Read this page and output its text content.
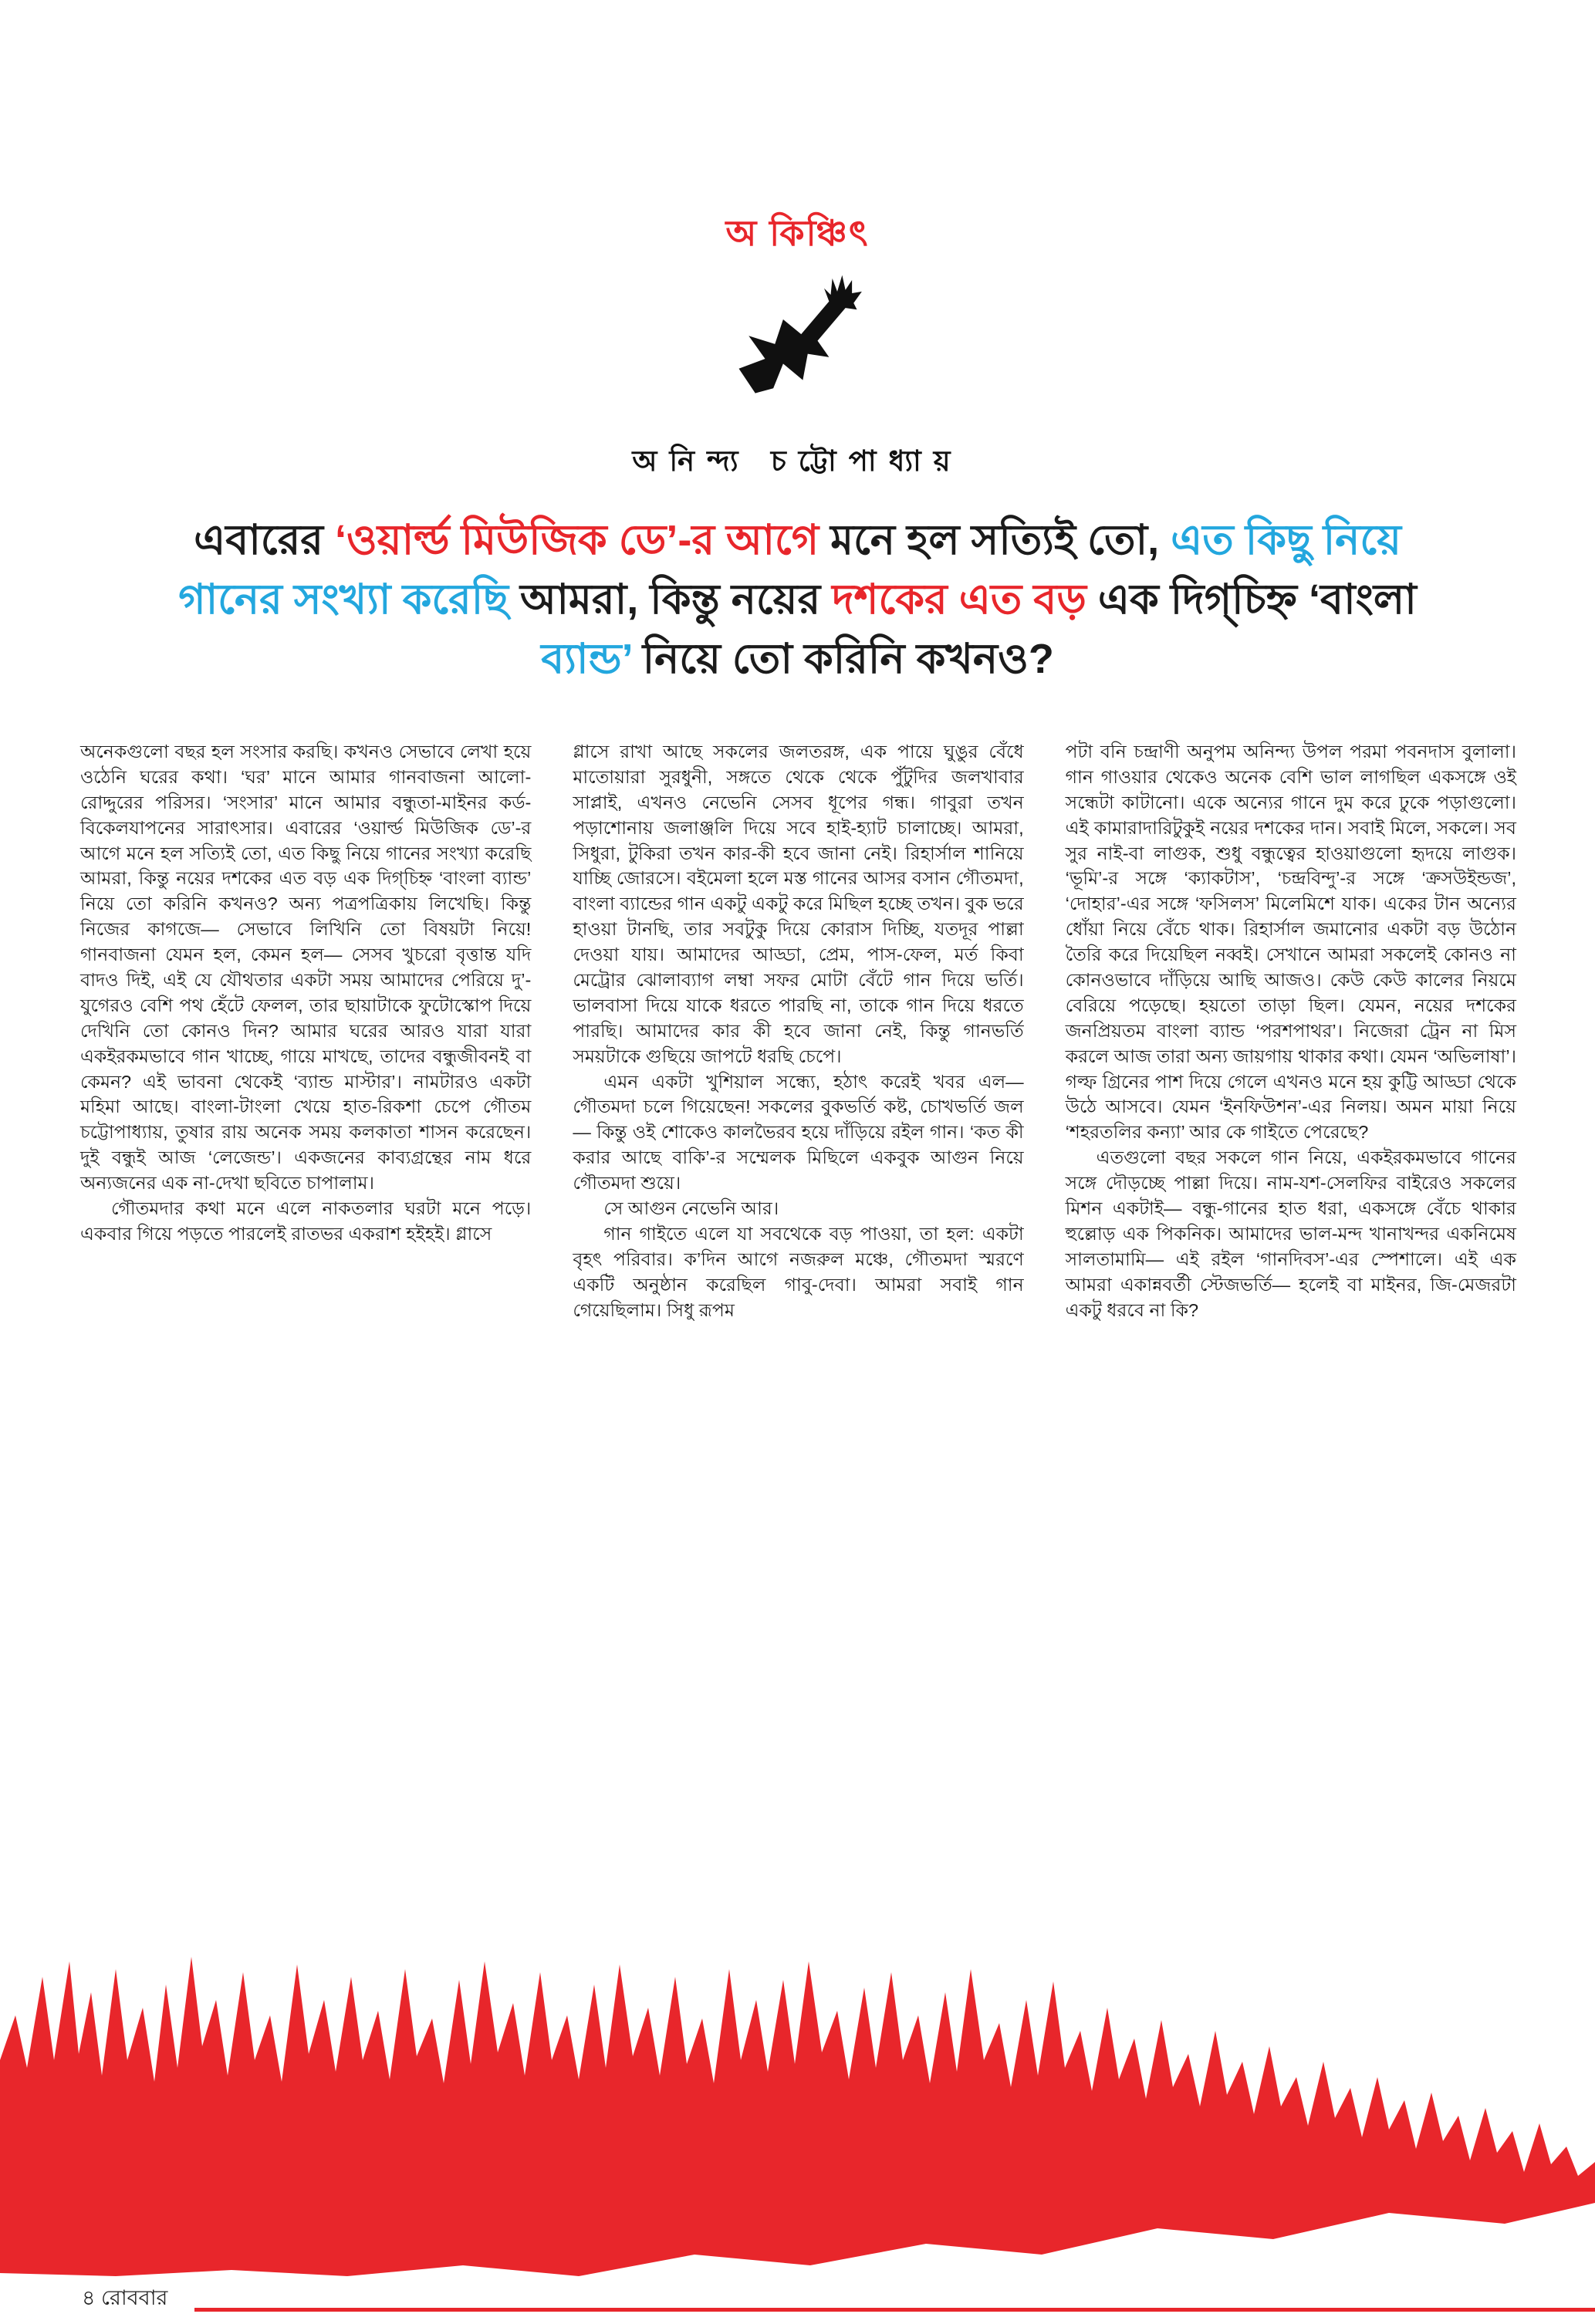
অ কিঞ্চিৎ
অনিন্দ্য চট্টোপাধ্যায়
এবারের ‘ওয়ার্ল্ড মিউজিক ডে’-র আগে মনে হল সত্যিই তো, এত কিছু নিয়ে
গানের সংখ্যা করেছি আমরা, কিন্তু নয়ের দশকের এত বড় এক দিগ্‌চিহ্ন ‘বাংলা
ব্যান্ড’ নিয়ে তো করিনি কখনও?

অনেকগুলো বছর হল সংসার করছি। কখনও সেভাবে লেখা হয়ে ওঠেনি ঘরের কথা। ‘ঘর’ মানে আমার গানবাজনা আলো-রোদ্দুরের পরিসর। ‘সংসার’ মানে আমার বন্ধুতা-মাইনর কর্ড-বিকেলযাপনের সারাৎসার। এবারের ‘ওয়ার্ল্ড মিউজিক ডে’-র আগে মনে হল সত্যিই তো, এত কিছু নিয়ে গানের সংখ্যা করেছি আমরা, কিন্তু নয়ের দশকের এত বড় এক দিগ্‌চিহ্ন ‘বাংলা ব্যান্ড’ নিয়ে তো করিনি কখনও? অন্য পত্রপত্রিকায় লিখেছি। কিন্তু নিজের কাগজে— সেভাবে লিখিনি তো বিষয়টা নিয়ে! গানবাজনা যেমন হল, কেমন হল— সেসব খুচরো বৃত্তান্ত যদি বাদও দিই, এই যে যৌথতার একটা সময় আমাদের পেরিয়ে দু’-যুগেরও বেশি পথ হেঁটে ফেলল, তার ছায়াটাকে ফুটোস্কোপ দিয়ে দেখিনি তো কোনও দিন? আমার ঘরের আরও যারা যারা একইরকমভাবে গান খাচ্ছে, গায়ে মাখছে, তাদের বন্ধুজীবনই বা কেমন? এই ভাবনা থেকেই ‘ব্যান্ড মাস্টার’। নামটারও একটা মহিমা আছে। বাংলা-টাংলা খেয়ে হাত-রিকশা চেপে গৌতম চট্টোপাধ্যায়, তুষার রায় অনেক সময় কলকাতা শাসন করেছেন। দুই বন্ধুই আজ ‘লেজেন্ড’। একজনের কাব্যগ্রন্থের নাম ধরে অন্যজনের এক না-দেখা ছবিতে চাপালাম।

গৌতমদার কথা মনে এলে নাকতলার ঘরটা মনে পড়ে। একবার গিয়ে পড়তে পারলেই রাতভর একরাশ হইহই। গ্লাসে

গ্লাসে রাখা আছে সকলের জলতরঙ্গ, এক পায়ে ঘুঙুর বেঁধে মাতোয়ারা সুরধুনী, সঙ্গতে থেকে থেকে পুঁটুদির জলখাবার সাপ্লাই, এখনও নেভেনি সেসব ধূপের গন্ধ। গাবুরা তখন পড়াশোনায় জলাঞ্জলি দিয়ে সবে হাই-হ্যাট চালাচ্ছে। আমরা, সিধুরা, টুকিরা তখন কার-কী হবে জানা নেই। রিহার্সাল শানিয়ে যাচ্ছি জোরসে। বইমেলা হলে মস্ত গানের আসর বসান গৌতমদা, বাংলা ব্যান্ডের গান একটু একটু করে মিছিল হচ্ছে তখন। বুক ভরে হাওয়া টানছি, তার সবটুকু দিয়ে কোরাস দিচ্ছি, যতদূর পাল্লা দেওয়া যায়। আমাদের আড্ডা, প্রেম, পাস-ফেল, মর্ত কিবা মেট্রোর ঝোলাব্যাগ লম্বা সফর মোটা বেঁটে গান দিয়ে ভর্তি। ভালবাসা দিয়ে যাকে ধরতে পারছি না, তাকে গান দিয়ে ধরতে পারছি। আমাদের কার কী হবে জানা নেই, কিন্তু গানভর্তি সময়টাকে গুছিয়ে জাপটে ধরছি চেপে।

এমন একটা খুশিয়াল সন্ধ্যে, হঠাৎ করেই খবর এল— গৌতমদা চলে গিয়েছেন! সকলের বুকভর্তি কষ্ট, চোখভর্তি জল— কিন্তু ওই শোকেও কালভৈরব হয়ে দাঁড়িয়ে রইল গান। ‘কত কী করার আছে বাকি’-র সম্মেলক মিছিলে একবুক আগুন নিয়ে গৌতমদা শুয়ে।

সে আগুন নেভেনি আর।

গান গাইতে এলে যা সবথেকে বড় পাওয়া, তা হল: একটা বৃহৎ পরিবার। ক’দিন আগে নজরুল মঞ্চে, গৌতমদা স্মরণে একটি অনুষ্ঠান করেছিল গাবু-দেবা। আমরা সবাই গান গেয়েছিলাম। সিধু রূপম

পটা বনি চন্দ্রাণী অনুপম অনিন্দ্য উপল পরমা পবনদাস বুলালা। গান গাওয়ার থেকেও অনেক বেশি ভাল লাগছিল একসঙ্গে ওই সন্ধেটা কাটানো। একে অন্যের গানে দুম করে ঢুকে পড়াগুলো। এই কামারাদারিটুকুই নয়ের দশকের দান। সবাই মিলে, সকলে। সব সুর নাই-বা লাগুক, শুধু বন্ধুত্বের হাওয়াগুলো হৃদয়ে লাগুক। ‘ভূমি’-র সঙ্গে ‘ক্যাকটাস’, ‘চন্দ্রবিন্দু’-র সঙ্গে ‘ক্রসউইন্ডজ’, ‘দোহার’-এর সঙ্গে ‘ফসিলস’ মিলেমিশে যাক। একের টান অন্যের ধোঁয়া নিয়ে বেঁচে থাক। রিহার্সাল জমানোর একটা বড় উঠোন তৈরি করে দিয়েছিল নব্বই। সেখানে আমরা সকলেই কোনও না কোনওভাবে দাঁড়িয়ে আছি আজও। কেউ কেউ কালের নিয়মে বেরিয়ে পড়েছে। হয়তো তাড়া ছিল। যেমন, নয়ের দশকের জনপ্রিয়তম বাংলা ব্যান্ড ‘পরশপাথর’। নিজেরা ট্রেন না মিস করলে আজ তারা অন্য জায়গায় থাকার কথা। যেমন ‘অভিলাষা’। গল্ফ গ্রিনের পাশ দিয়ে গেলে এখনও মনে হয় কুট্টি আড্ডা থেকে উঠে আসবে। যেমন ‘ইনফিউশন’-এর নিলয়। অমন মায়া নিয়ে ‘শহরতলির কন্যা’ আর কে গাইতে পেরেছে?

এতগুলো বছর সকলে গান নিয়ে, একইরকমভাবে গানের সঙ্গে দৌড়চ্ছে পাল্লা দিয়ে। নাম-যশ-সেলফির বাইরেও সকলের মিশন একটাই— বন্ধু-গানের হাত ধরা, একসঙ্গে বেঁচে থাকার হুল্লোড় এক পিকনিক। আমাদের ভাল-মন্দ খানাখন্দর একনিমেষ সালতামামি— এই রইল ‘গানদিবস’-এর স্পেশালে। এই এক আমরা একান্নবর্তী স্টেজভর্তি— হলেই বা মাইনর, জি-মেজরটা একটু ধরবে না কি?

৪ রোববার
